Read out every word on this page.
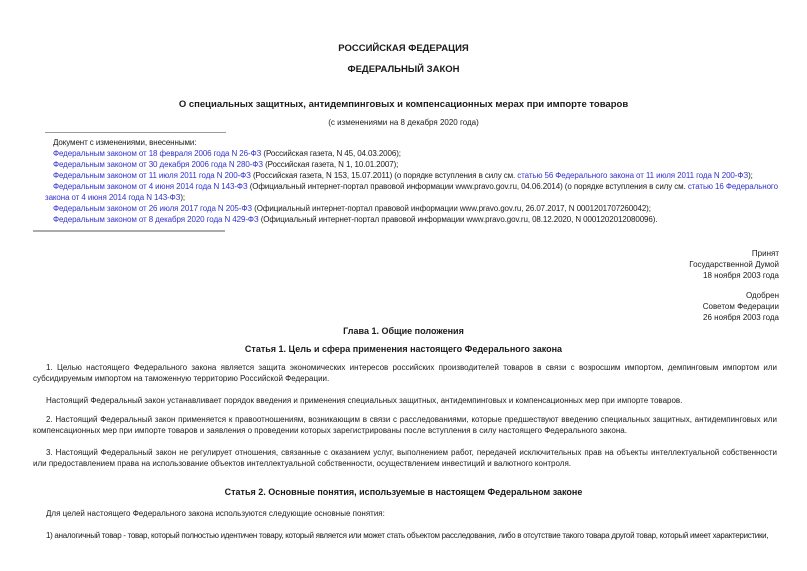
РОССИЙСКАЯ ФЕДЕРАЦИЯ

ФЕДЕРАЛЬНЫЙ ЗАКОН

О специальных защитных, антидемпинговых и компенсационных мерах при импорте товаров

(с изменениями на 8 декабря 2020 года)

Документ с изменениями, внесенными:

Федеральным законом от 18 февраля 2006 года N 26-ФЗ (Российская газета, N 45, 04.03.2006);

Федеральным законом от 30 декабря 2006 года N 280-ФЗ (Российская газета, N 1, 10.01.2007);

Федеральным законом от 11 июля 2011 года N 200-ФЗ (Российская газета, N 153, 15.07.2011) (о порядке вступления в силу см. статью 56 Федерального закона от 11 июля 2011 года N 200-ФЗ);

Федеральным законом от 4 июня 2014 года N 143-ФЗ (Официальный интернет-портал правовой информации www.pravo.gov.ru, 04.06.2014) (о порядке вступления в силу см. статью 16 Федерального закона от 4 июня 2014 года N 143-ФЗ);

Федеральным законом от 26 июля 2017 года N 205-ФЗ (Официальный интернет-портал правовой информации www.pravo.gov.ru, 26.07.2017, N 0001201707260042);

Федеральным законом от 8 декабря 2020 года N 429-ФЗ (Официальный интернет-портал правовой информации www.pravo.gov.ru, 08.12.2020, N 0001202012080096).

Принят

Государственной Думой

18 ноября 2003 года

Одобрен

Советом Федерации

26 ноября 2003 года

Глава 1. Общие положения

Статья 1. Цель и сфера применения настоящего Федерального закона

1. Целью настоящего Федерального закона является защита экономических интересов российских производителей товаров в связи с возросшим импортом, демпинговым импортом или субсидируемым импортом на таможенную территорию Российской Федерации.

Настоящий Федеральный закон устанавливает порядок введения и применения специальных защитных, антидемпинговых и компенсационных мер при импорте товаров.

2. Настоящий Федеральный закон применяется к правоотношениям, возникающим в связи с расследованиями, которые предшествуют введению специальных защитных, антидемпинговых или компенсационных мер при импорте товаров и заявления о проведении которых зарегистрированы после вступления в силу настоящего Федерального закона.

3. Настоящий Федеральный закон не регулирует отношения, связанные с оказанием услуг, выполнением работ, передачей исключительных прав на объекты интеллектуальной собственности или предоставлением права на использование объектов интеллектуальной собственности, осуществлением инвестиций и валютного контроля.

Статья 2. Основные понятия, используемые в настоящем Федеральном законе

Для целей настоящего Федерального закона используются следующие основные понятия:

1) аналогичный товар - товар, который полностью идентичен товару, который является или может стать объектом расследования, либо в отсутствие такого товара другой товар, который имеет характеристики,
